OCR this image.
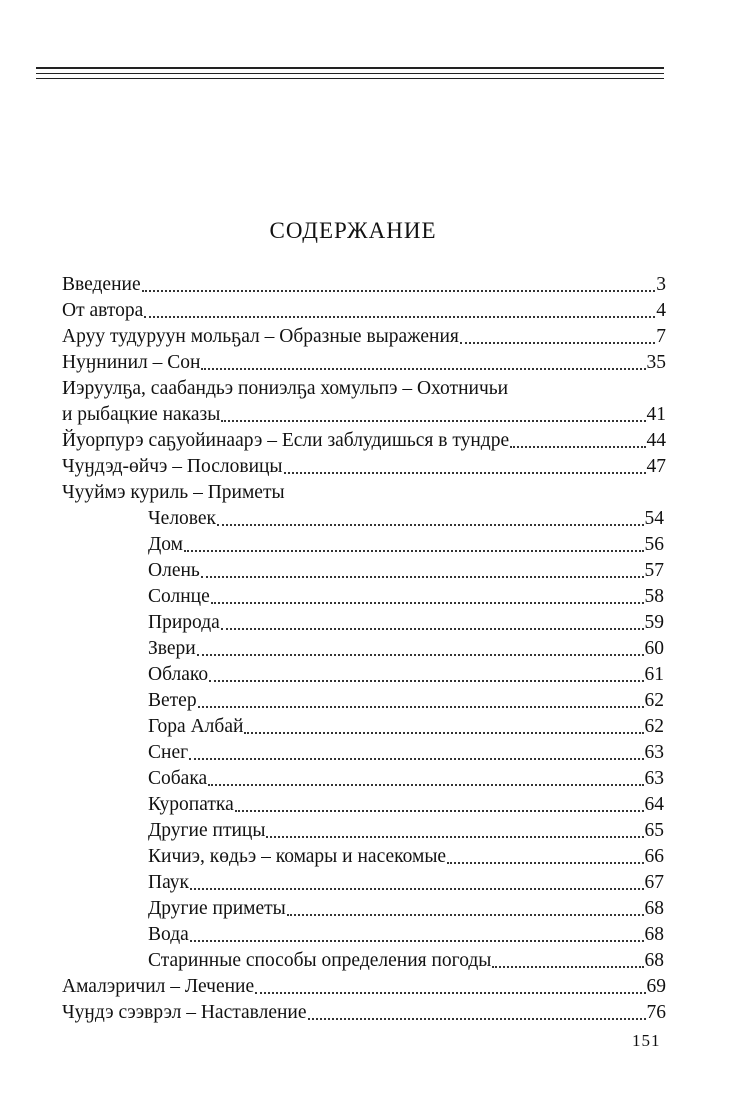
СОДЕРЖАНИЕ
Введение	3
От автора	4
Аруу тудуруун мольҕал – Образные выражения	7
Нуӈнинил – Сон	35
Иэруулҕа, саабандьэ пониэлҕа хомульпэ – Охотничьи
и рыбацкие наказы	41
Йуорпурэ саҕуойинаарэ – Если заблудишься в тундре	44
Чуӈдэд-өйчэ – Пословицы	47
Чууймэ куриль – Приметы
Человек	54
Дом	56
Олень	57
Солнце	58
Природа	59
Звери	60
Облако	61
Ветер	62
Гора Албай	62
Снег	63
Собака	63
Куропатка	64
Другие птицы	65
Кичиэ, көдьэ – комары и насекомые	66
Паук	67
Другие приметы	68
Вода	68
Старинные способы определения погоды	68
Амалэричил – Лечение	69
Чуӈдэ сээврэл – Наставление	76
151
